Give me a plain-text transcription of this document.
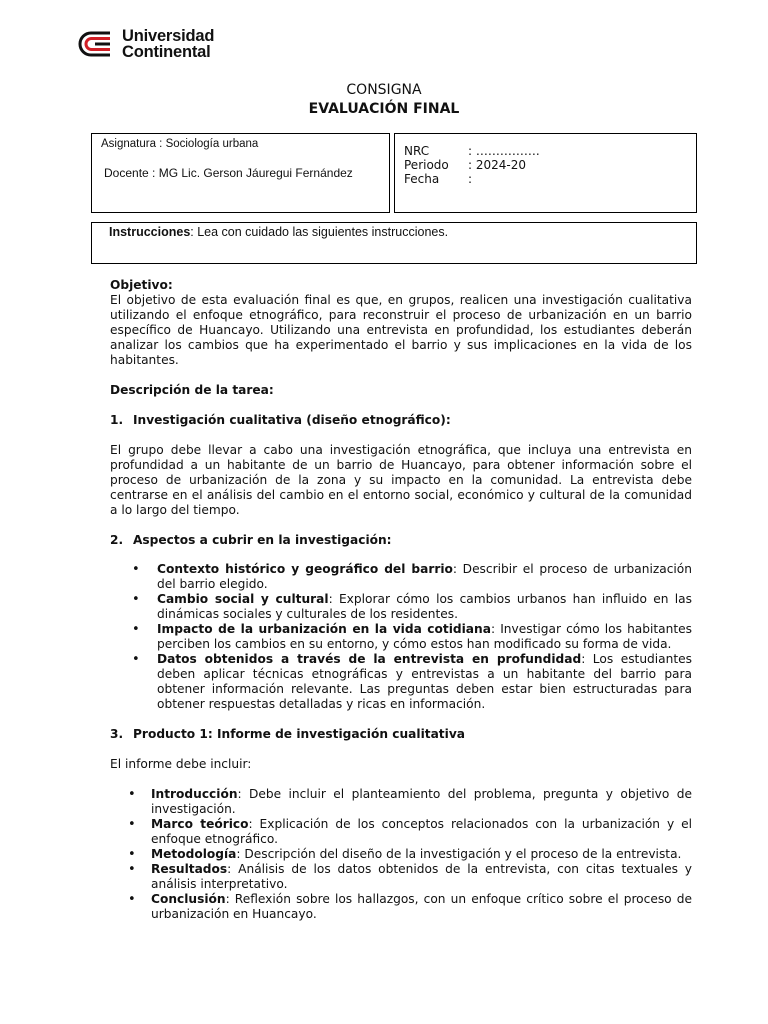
Universidad
Continental
CONSIGNA
EVALUACIÓN FINAL
Asignatura : Sociología urbana
Docente : MG Lic. Gerson Jáuregui Fernández
NRC	: …………….
Periodo : 2024-20
Fecha :
Instrucciones: Lea con cuidado las siguientes instrucciones.

Objetivo:

El objetivo de esta evaluación final es que, en grupos, realicen una investigación cualitativa utilizando el enfoque etnográfico, para reconstruir el proceso de urbanización en un barrio específico de Huancayo. Utilizando una entrevista en profundidad, los estudiantes deberán analizar los cambios que ha experimentado el barrio y sus implicaciones en la vida de los habitantes.

Descripción de la tarea:

1. Investigación cualitativa (diseño etnográfico):

El grupo debe llevar a cabo una investigación etnográfica, que incluya una entrevista en profundidad a un habitante de un barrio de Huancayo, para obtener información sobre el proceso de urbanización de la zona y su impacto en la comunidad. La entrevista debe centrarse en el análisis del cambio en el entorno social, económico y cultural de la comunidad a lo largo del tiempo.

2. Aspectos a cubrir en la investigación:
• Contexto histórico y geográfico del barrio: Describir el proceso de urbanización del barrio elegido.
• Cambio social y cultural: Explorar cómo los cambios urbanos han influido en las dinámicas sociales y culturales de los residentes.
• Impacto de la urbanización en la vida cotidiana: Investigar cómo los habitantes perciben los cambios en su entorno, y cómo estos han modificado su forma de vida.
• Datos obtenidos a través de la entrevista en profundidad: Los estudiantes deben aplicar técnicas etnográficas y entrevistas a un habitante del barrio para obtener información relevante. Las preguntas deben estar bien estructuradas para obtener respuestas detalladas y ricas en información.
3. Producto 1: Informe de investigación cualitativa

El informe debe incluir:

• Introducción: Debe incluir el planteamiento del problema, pregunta y objetivo de investigación.
• Marco teórico: Explicación de los conceptos relacionados con la urbanización y el enfoque etnográfico.
• Metodología: Descripción del diseño de la investigación y el proceso de la entrevista.
• Resultados: Análisis de los datos obtenidos de la entrevista, con citas textuales y análisis interpretativo.
• Conclusión: Reflexión sobre los hallazgos, con un enfoque crítico sobre el proceso de urbanización en Huancayo.
